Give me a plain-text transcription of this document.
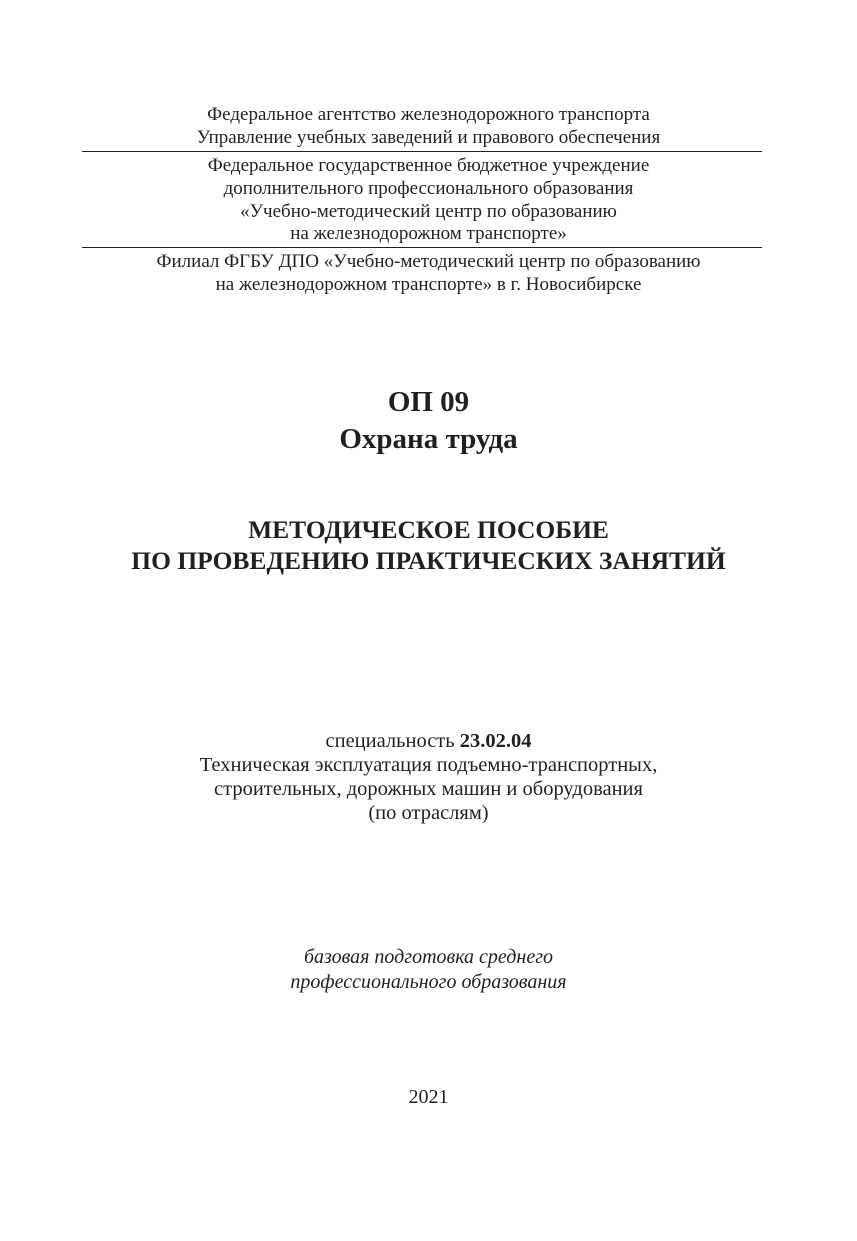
Федеральное агентство железнодорожного транспорта
Управление учебных заведений и правового обеспечения
Федеральное государственное бюджетное учреждение
дополнительного профессионального образования
«Учебно-методический центр по образованию
на железнодорожном транспорте»
Филиал ФГБУ ДПО «Учебно-методический центр по образованию
на железнодорожном транспорте» в г. Новосибирске
ОП 09
Охрана труда
МЕТОДИЧЕСКОЕ ПОСОБИЕ
ПО ПРОВЕДЕНИЮ ПРАКТИЧЕСКИХ ЗАНЯТИЙ
специальность 23.02.04
Техническая эксплуатация подъемно-транспортных,
строительных, дорожных машин и оборудования
(по отраслям)
базовая подготовка среднего
профессионального образования
2021
